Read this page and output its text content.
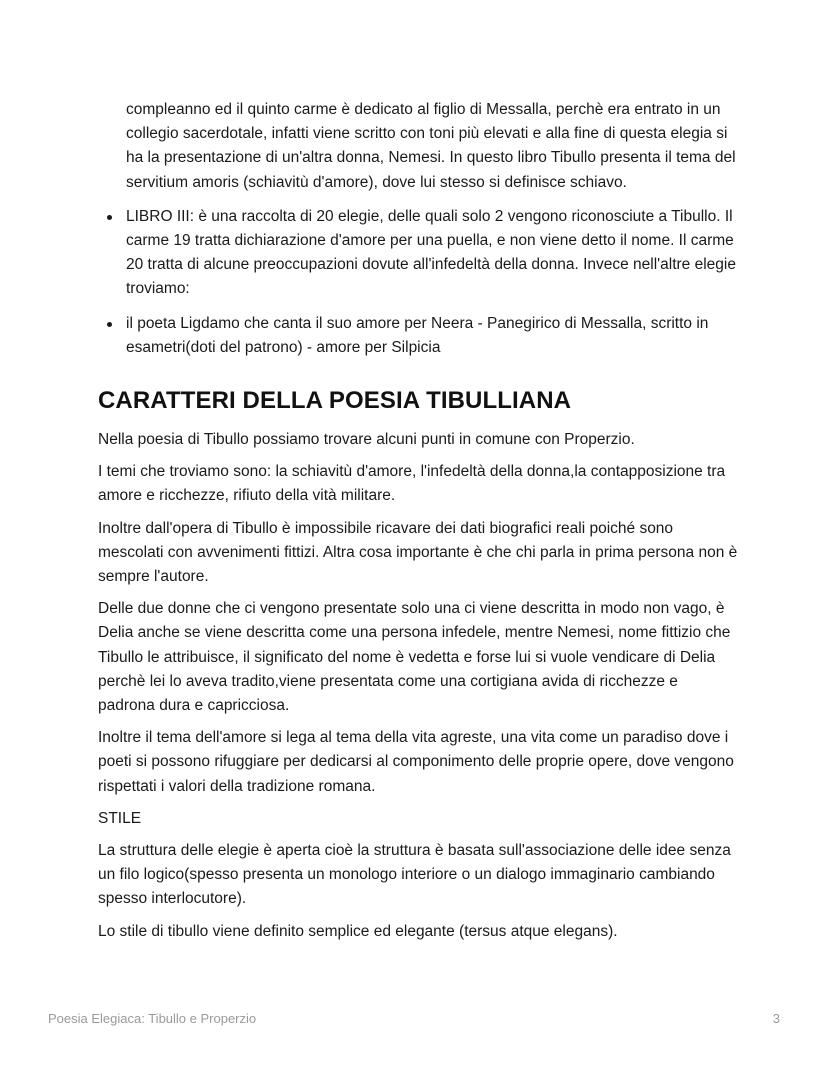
compleanno ed il quinto carme è dedicato al figlio di Messalla, perchè era entrato in un collegio sacerdotale, infatti viene scritto con toni più elevati e alla fine di questa elegia si ha la presentazione di un'altra donna, Nemesi. In questo libro Tibullo presenta il tema del servitium amoris (schiavitù d'amore), dove lui stesso si definisce schiavo.

LIBRO III: è una raccolta di 20 elegie, delle quali solo 2 vengono riconosciute a Tibullo. Il carme 19 tratta dichiarazione d'amore per una puella, e non viene detto il nome. Il carme 20 tratta di alcune preoccupazioni dovute all'infedeltà della donna. Invece nell'altre elegie troviamo:
il poeta Ligdamo che canta il suo amore per Neera - Panegirico di Messalla, scritto in esametri(doti del patrono) - amore per Silpicia
CARATTERI DELLA POESIA TIBULLIANA

Nella poesia di Tibullo possiamo trovare alcuni punti in comune con Properzio.

I temi che troviamo sono: la schiavitù d'amore, l'infedeltà della donna,la contapposizione tra amore e ricchezze, rifiuto della vità militare.

Inoltre dall'opera di Tibullo è impossibile ricavare dei dati biografici reali poiché sono mescolati con avvenimenti fittizi. Altra cosa importante è che chi parla in prima persona non è sempre l'autore.

Delle due donne che ci vengono presentate solo una ci viene descritta in modo non vago, è Delia anche se viene descritta come una persona infedele, mentre Nemesi, nome fittizio che Tibullo le attribuisce, il significato del nome è vedetta e forse lui si vuole vendicare di Delia perchè lei lo aveva tradito,viene presentata come una cortigiana avida di ricchezze e padrona dura e capricciosa.

Inoltre il tema dell'amore si lega al tema della vita agreste, una vita come un paradiso dove i poeti si possono rifuggiare per dedicarsi al componimento delle proprie opere, dove vengono rispettati i valori della tradizione romana.

STILE

La struttura delle elegie è aperta cioè la struttura è basata sull'associazione delle idee senza un filo logico(spesso presenta un monologo interiore o un dialogo immaginario cambiando spesso interlocutore).

Lo stile di tibullo viene definito semplice ed elegante (tersus atque elegans).

Poesia Elegiaca: Tibullo e Properzio	3
